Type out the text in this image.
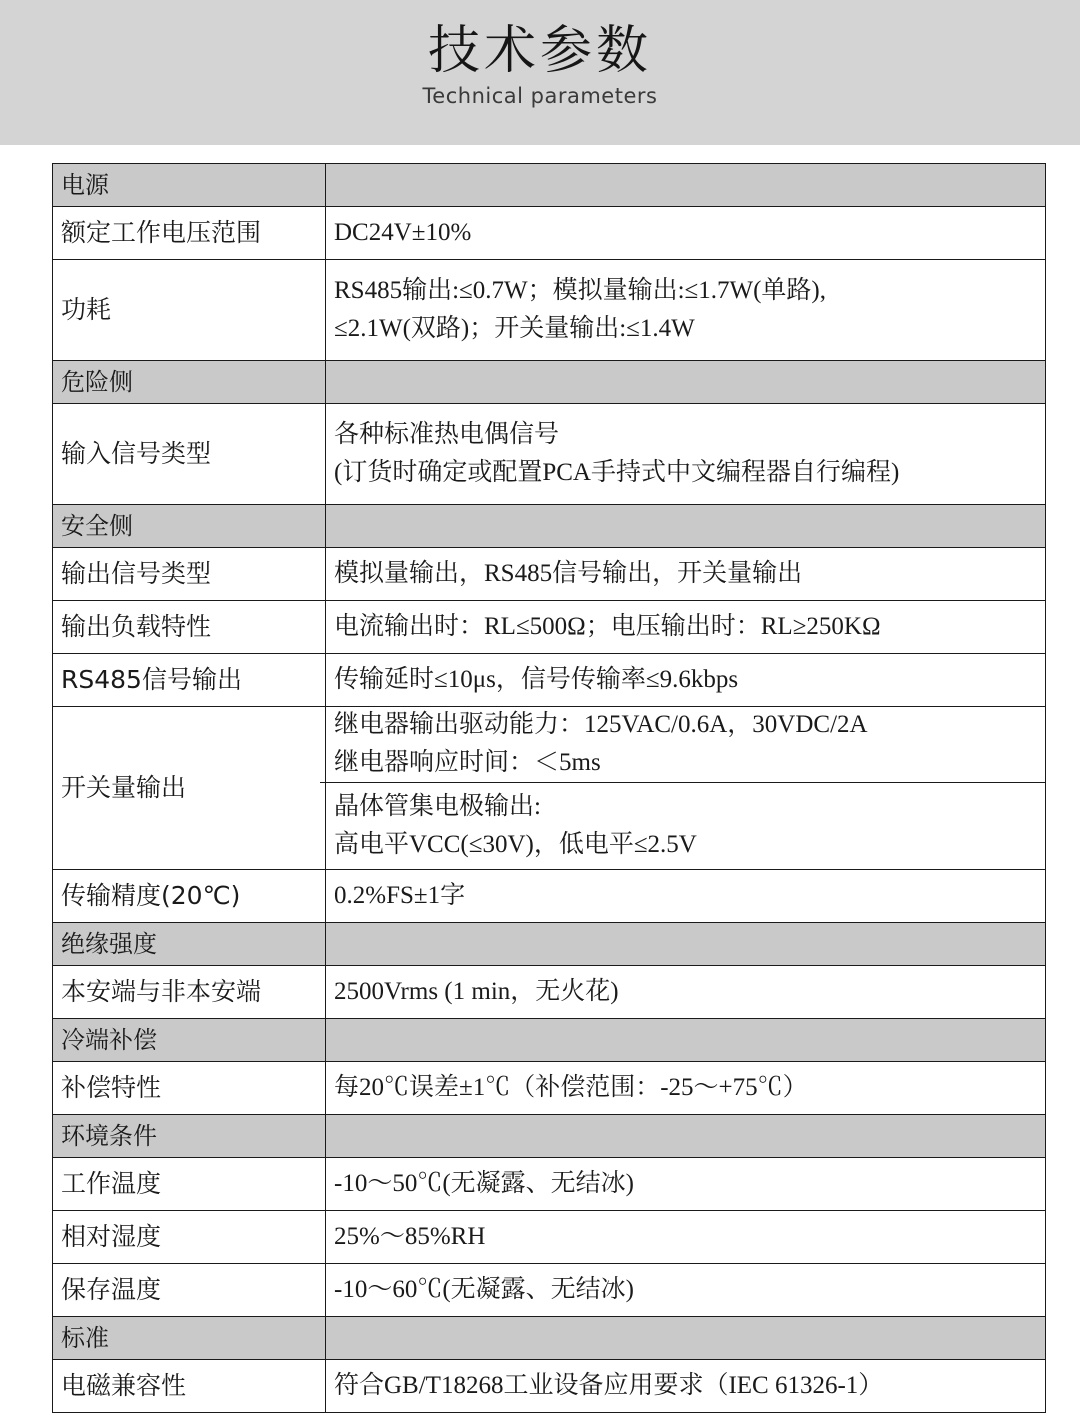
技术参数
Technical parameters
电源	
额定工作电压范围	DC24V±10%
功耗	RS485输出:≤0.7W；模拟量输出:≤1.7W(单路),
≤2.1W(双路)；开关量输出:≤1.4W

危险侧	
输入信号类型	各种标准热电偶信号
(订货时确定或配置PCA手持式中文编程器自行编程)

安全侧	
输出信号类型	模拟量输出，RS485信号输出，开关量输出
输出负载特性	电流输出时：RL≤500Ω；电压输出时：RL≥250KΩ
RS485信号输出	传输延时≤10μs，信号传输率≤9.6kbps
开关量输出	继电器输出驱动能力：125VAC/0.6A，30VDC/2A
继电器响应时间：＜5ms
晶体管集电极输出:
高电平VCC(≤30V)，低电平≤2.5V

传输精度(20℃)	0.2%FS±1字
绝缘强度	
本安端与非本安端	2500Vrms (1 min，无火花)
冷端补偿	
补偿特性	每20℃误差±1℃（补偿范围：-25～+75℃）
环境条件	
工作温度	-10～50℃(无凝露、无结冰)
相对湿度	25%～85%RH
保存温度	-10～60℃(无凝露、无结冰)
标准	
电磁兼容性	符合GB/T18268工业设备应用要求（IEC 61326-1）
